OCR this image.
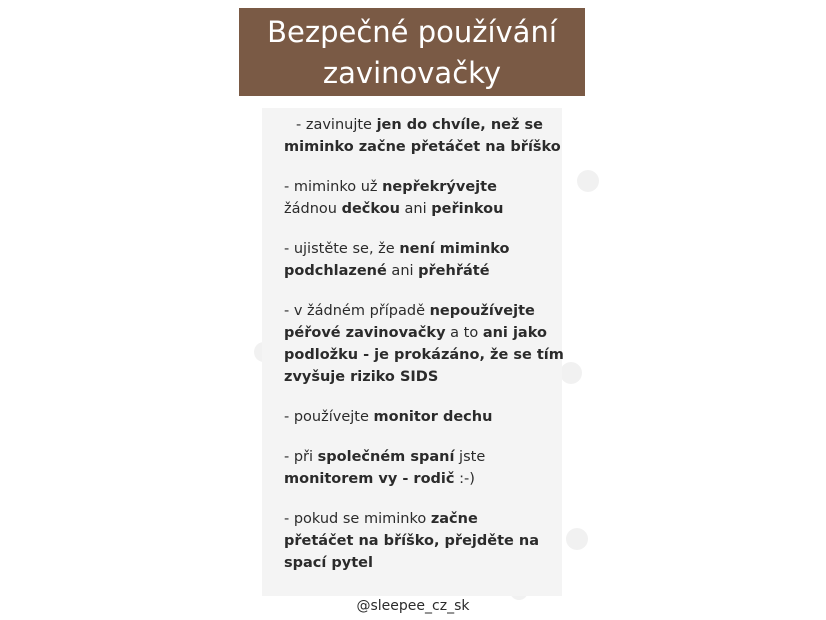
Bezpečné používání
zavinovačky
- zavinujte jen do chvíle, než se
miminko začne přetáčet na bříško
- miminko už nepřekrývejte
žádnou dečkou ani peřinkou
- ujistěte se, že není miminko
podchlazené ani přehřáté
- v žádném případě nepoužívejte
péřové zavinovačky a to ani jako
podložku - je prokázáno, že se tím
zvyšuje riziko SIDS
- používejte monitor dechu
- při společném spaní jste
monitorem vy - rodič :-)
- pokud se miminko začne
přetáčet na bříško, přejděte na
spací pytel
@sleepee_cz_sk
